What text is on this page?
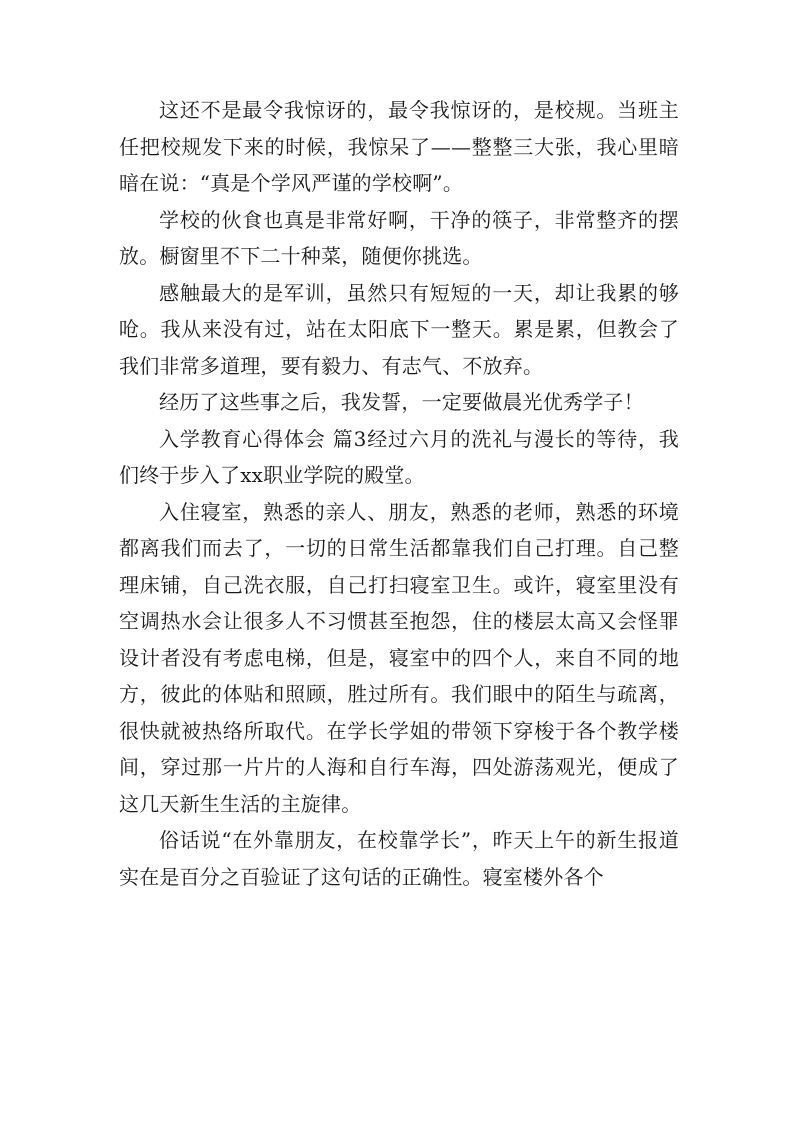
这还不是最令我惊讶的，最令我惊讶的，是校规。当班主任把校规发下来的时候，我惊呆了——整整三大张，我心里暗暗在说：“真是个学风严谨的学校啊”。

学校的伙食也真是非常好啊，干净的筷子，非常整齐的摆放。橱窗里不下二十种菜，随便你挑选。

感触最大的是军训，虽然只有短短的一天，却让我累的够呛。我从来没有过，站在太阳底下一整天。累是累，但教会了我们非常多道理，要有毅力、有志气、不放弃。

经历了这些事之后，我发誓，一定要做晨光优秀学子！

入学教育心得体会 篇3经过六月的洗礼与漫长的等待，我们终于步入了xx职业学院的殿堂。

入住寝室，熟悉的亲人、朋友，熟悉的老师，熟悉的环境都离我们而去了，一切的日常生活都靠我们自己打理。自己整理床铺，自己洗衣服，自己打扫寝室卫生。或许，寝室里没有空调热水会让很多人不习惯甚至抱怨，住的楼层太高又会怪罪设计者没有考虑电梯，但是，寝室中的四个人，来自不同的地方，彼此的体贴和照顾，胜过所有。我们眼中的陌生与疏离，很快就被热络所取代。在学长学姐的带领下穿梭于各个教学楼间，穿过那一片片的人海和自行车海，四处游荡观光，便成了这几天新生生活的主旋律。

俗话说“在外靠朋友，在校靠学长”，昨天上午的新生报道实在是百分之百验证了这句话的正确性。寝室楼外各个
